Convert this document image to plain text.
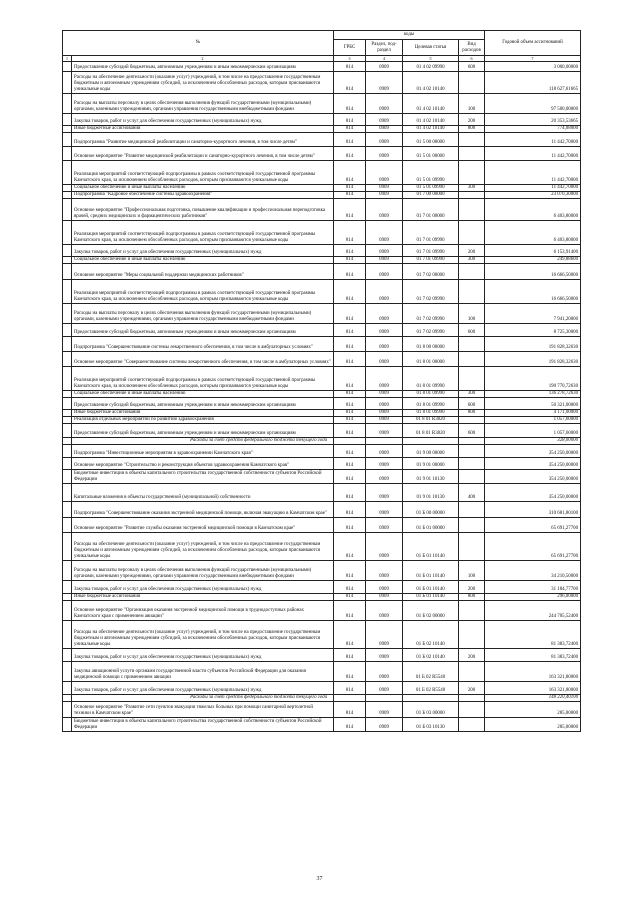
№		коды				Годовой объем ассигнований
		ГРБС	Раздел, под-раздел	Целевая статья	Вид расходов	
1	2	3	4	5	6	7
	Предоставление субсидий бюджетным, автономным учреждениям и иным некоммерческим организациям	814	0909	01 4 02 09990	600	3 000,00000
	Расходы на обеспечение деятельности (оказание услуг) учреждений, в том числе на предоставление государственным бюджетным и автономным учреждениям субсидий, за исключением обособленных расходов, которым присваиваются уникальные коды	814	0909	01 4 02 10140		118 627,61665
	Расходы на выплаты персоналу в целях обеспечения выполнения функций государственными (муниципальными) органами, казенными учреждениями, органами управления государственными внебюджетными фондами	814	0909	01 4 02 10140	100	97 500,00000
	Закупка товаров, работ и услуг для обеспечения государственных (муниципальных) нужд	814	0909	01 4 02 10140	200	20 353,53665
	Иные бюджетные ассигнования	814	0909	01 4 02 10140	800	774,08000
	Подпрограмма "Развитие медицинской реабилитации и санаторно-курортного лечения, в том числе детям"	814	0909	01 5 00 00000		11 442,70000
	Основное мероприятие "Развитие медицинской реабилитации и санаторно-курортного лечения, в том числе детям"	814	0909	01 5 01 00000		11 442,70000
	Реализация мероприятий соответствующей подпрограммы в рамках соответствующей государственной программы Камчатского края, за исключением обособленных расходов, которым присваиваются уникальные коды	814	0909	01 5 01 09990		11 442,70000
	Социальное обеспечение и иные выплаты населению	814	0909	01 5 01 09990	300	11 442,70000
	Подпрограмма "Кадровое обеспечение системы здравоохранения"	814	0909	01 7 00 00000		23 070,30000
	Основное мероприятие "Профессиональная подготовка, повышение квалификации и профессиональная переподготовка врачей, средних медицинских и фармацевтических работников"	814	0909	01 7 01 00000		6 403,80000
	Реализация мероприятий соответствующей подпрограммы в рамках соответствующей государственной программы Камчатского края, за исключением обособленных расходов, которым присваиваются уникальные коды	814	0909	01 7 01 09990		6 403,80000
	Закупка товаров, работ и услуг для обеспечения государственных (муниципальных) нужд	814	0909	01 7 01 09990	200	6 153,91400
	Социальное обеспечение и иные выплаты населению	814	0909	01 7 01 09990	300	249,88600
	Основное мероприятие "Меры социальной поддержки медицинских работников"	814	0909	01 7 02 00000		16 666,50000
	Реализация мероприятий соответствующей подпрограммы в рамках соответствующей государственной программы Камчатского края, за исключением обособленных расходов, которым присваиваются уникальные коды	814	0909	01 7 02 09990		16 666,50000
	Расходы на выплаты персоналу в целях обеспечения выполнения функций государственными (муниципальными) органами, казенными учреждениями, органами управления государственными внебюджетными фондами	814	0909	01 7 02 09990	100	7 941,20000
	Предоставление субсидий бюджетным, автономным учреждениям и иным некоммерческим организациям	814	0909	01 7 02 09990	600	8 725,30000
	Подпрограмма "Совершенствование системы лекарственного обеспечения, в том числе в амбулаторных условиях"	814	0909	01 8 00 00000		191 828,32630
	Основное мероприятие "Совершенствование системы лекарственного обеспечения, в том числе в амбулаторных условиях"	814	0909	01 8 01 00000		191 828,32630
	Реализация мероприятий соответствующей подпрограммы в рамках соответствующей государственной программы Камчатского края, за исключением обособленных расходов, которым присваиваются уникальные коды	814	0909	01 8 01 09990		190 770,72630
	Социальное обеспечение и иные выплаты населению	814	0909	01 8 01 09990	300	136 278,72630
	Предоставление субсидий бюджетным, автономным учреждениям и иным некоммерческим организациям	814	0909	01 8 01 09990	600	50 321,00000
	Иные бюджетные ассигнования	814	0909	01 8 01 09990	800	4 171,00000
	Реализация отдельных мероприятий по развитию здравоохранения	814	0909	01 8 01 R3820		1 057,60000
	Предоставление субсидий бюджетным, автономным учреждениям и иным некоммерческим организациям	814	0909	01 8 01 R3820	600	1 057,60000
	Расходы за счет средств федерального бюджета текущего года					328,00000
	Подпрограмма "Инвестиционные мероприятия в здравоохранении Камчатского края"	814	0909	01 9 00 00000		354 250,00000
	Основное мероприятие "Строительство и реконструкция объектов здравоохранения Камчатского края"	814	0909	01 9 01 00000		354 250,00000
	Бюджетные инвестиции в объекты капитального строительства государственной собственности субъектов Российской Федерации	814	0909	01 9 01 10130		354 250,00000
	Капитальные вложения в объекты государственной (муниципальной) собственности	814	0909	01 9 01 10130	400	354 250,00000
	Подпрограмма "Совершенствование оказания экстренной медицинской помощи, включая эвакуацию в Камчатском крае"	814	0909	01 Б 00 00000		310 681,80100
	Основное мероприятие "Развитие службы оказания экстренной медицинской помощи в Камчатском крае"	814	0909	01 Б 01 00000		65 691,27700
	Расходы на обеспечение деятельности (оказание услуг) учреждений, в том числе на предоставление государственным бюджетным и автономным учреждениям субсидий, за исключением обособленных расходов, которым присваиваются уникальные коды	814	0909	01 Б 01 10140		65 691,27700
	Расходы на выплаты персоналу в целях обеспечения выполнения функций государственными (муниципальными) органами, казенными учреждениями, органами управления государственными внебюджетными фондами	814	0909	01 Б 01 10140	100	34 210,50000
	Закупка товаров, работ и услуг для обеспечения государственных (муниципальных) нужд	814	0909	01 Б 01 10140	200	31 184,77700
	Иные бюджетные ассигнования	814	0909	01 Б 01 10140	800	296,00000
	Основное мероприятие "Организация оказания экстренной медицинской помощи в труднодоступных районах Камчатского края с применением авиации"	814	0909	01 Б 02 00000		244 705,52400
	Расходы на обеспечение деятельности (оказание услуг) учреждений, в том числе на предоставление государственным бюджетным и автономным учреждениям субсидий, за исключением обособленных расходов, которым присваиваются уникальные коды	814	0909	01 Б 02 10140		81 383,72400
	Закупка товаров, работ и услуг для обеспечения государственных (муниципальных) нужд	814	0909	01 Б 02 10140	200	81 383,72400
	Закупка авиационной услуги органами государственной власти субъектов Российской Федерации для оказания медицинской помощи с применением авиации	814	0909	01 Б 02 R5540		163 321,80000
	Закупка товаров, работ и услуг для обеспечения государственных (муниципальных) нужд	814	0909	01 Б 02 R5540	200	163 321,80000
	Расходы за счет средств федерального бюджета текущего года					148 220,40100
	Основное мероприятие "Развитие сети пунктов эвакуации тяжелых больных при помощи санитарной вертолетной техники в Камчатском крае"	814	0909	01 Б 03 00000		285,00000
	Бюджетные инвестиции в объекты капитального строительства государственной собственности субъектов Российской Федерации	814	0909	01 Б 03 10130		285,00000
37
